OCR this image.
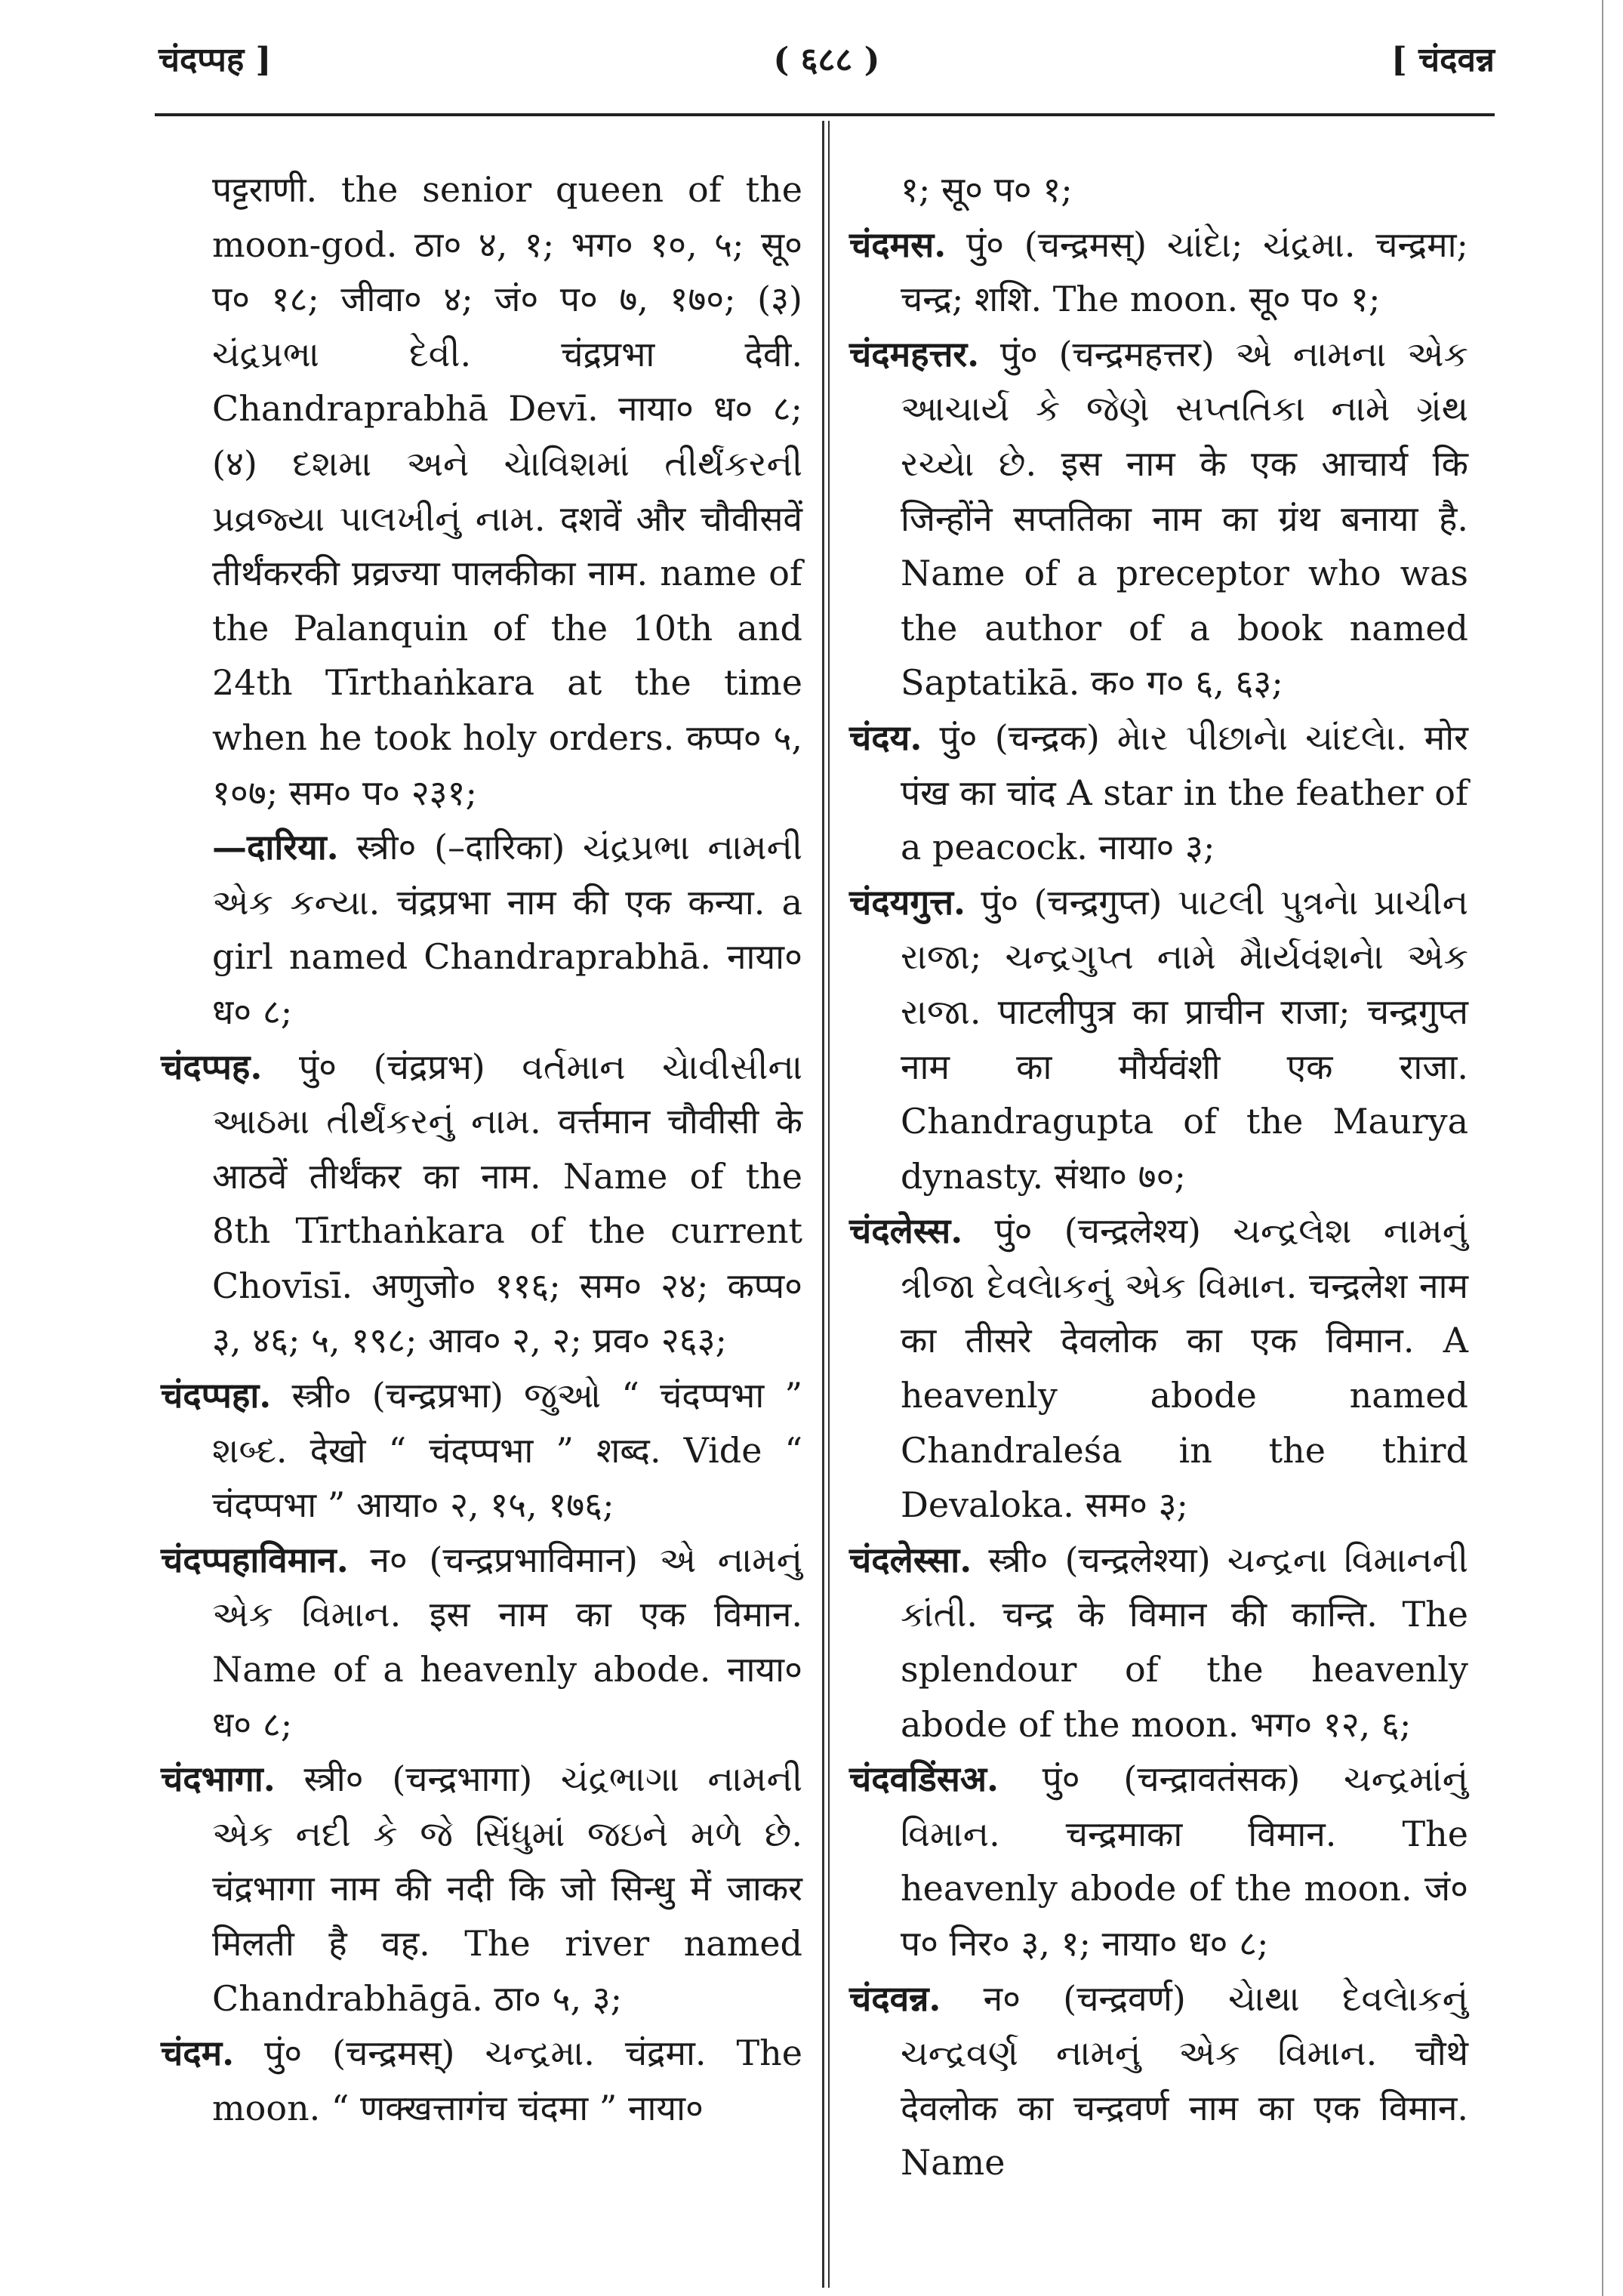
चंदप्पह ]	( ६८८ )	[ चंदवन्न

पट्टराणी. the senior queen of the moon-god. ठा० ४, १; भग० १०, ५; सू० प० १८; जीवा० ४; जं० प० ७, १७०; (३) ચંદ્રપ્રભા દેવી. चंद्रप्रभा देवी. Chandraprabhā Devī. नाया० ध० ८; (४) દશમા અને ચેાવિશમાં તીર્થંકરની પ્રવ્રજ્યા પાલખીનું નામ. दशवें और चौवीसवें तीर्थंकरकी प्रव्रज्या पालकीका नाम. name of the Palanquin of the 10th and 24th Tīrthaṅkara at the time when he took holy orders. कप्प० ५, १०७; सम० प० २३१;

—दारिया. स्त्री० (–दारिका) ચંદ્રપ્રભા નામની એક કન્યા. चंद्रप्रभा नाम की एक कन्या. a girl named Chandraprabhā. नाया० ध० ८;

चंदप्पह. पुं० (चंद्रप्रभ) વર્તમાન ચેાવીસીના આઠમા તીર્થંકરનું નામ. वर्त्तमान चौवीसी के आठवें तीर्थंकर का नाम. Name of the 8th Tīrthaṅkara of the current Chovīsī. अणुजो० ११६; सम० २४; कप्प० ३, ४६; ५, १९८; आव० २, २; प्रव० २६३;

चंदप्पहा. स्त्री० (चन्द्रप्रभा) જુઓ “ चंदप्पभा ” શબ્દ. देखो “ चंदप्पभा ” शब्द. Vide “ चंदप्पभा ” आया० २, १५, १७६;

चंदप्पहाविमान. न० (चन्द्रप्रभाविमान) એ નામનું એક વિમાન. इस नाम का एक विमान. Name of a heavenly abode. नाया० ध० ८;

चंदभागा. स्त्री० (चन्द्रभागा) ચંદ્રભાગા નામની એક નદી કે જે સિંધુમાં જઇને મળે છે. चंद्रभागा नाम की नदी कि जो सिन्धु में जाकर मिलती है वह. The river named Chandrabhāgā. ठा० ५, ३;

चंदम. पुं० (चन्द्रमस्) ચન્દ્રમા. चंद्रमा. The moon. “ णक्खत्तागंच चंदमा ” नाया०

१; सू० प० १;

चंदमस. पुं० (चन्द्रमस्) ચાંદેા; ચંદ્રમા. चन्द्रमा; चन्द्र; शशि. The moon. सू० प० १;

चंदमहत्तर. पुं० (चन्द्रमहत्तर) એ નામના એક આચાર્ય કે જેણે સપ્તતિકા નામે ગ્રંથ રચ્યેા છે. इस नाम के एक आचार्य कि जिन्होंने सप्ततिका नाम का ग्रंथ बनाया है. Name of a preceptor who was the author of a book named Saptatikā. क० ग० ६, ६३;

चंदय. पुं० (चन्द्रक) મેાર પીછાનેા ચાંદલેા. मोर पंख का चांद A star in the feather of a peacock. नाया० ३;

चंदयगुत्त. पुं० (चन्द्रगुप्त) પાટલી પુત્રનેા પ્રાચીન રાજા; ચન્દ્રગુપ્ત નામે મૈાર્યવંશનેા એક રાજા. पाटलीपुत्र का प्राचीन राजा; चन्द्रगुप्त नाम का मौर्यवंशी एक राजा. Chandragupta of the Maurya dynasty. संथा० ७०;

चंदलेस्स. पुं० (चन्द्रलेश्य) ચન્દ્રલેશ નામનું ત્રીજા દેવલેાકનું એક વિમાન. चन्द्रलेश नाम का तीसरे देवलोक का एक विमान. A heavenly abode named Chandraleśa in the third Devaloka. सम० ३;

चंदलेस्सा. स्त्री० (चन्द्रलेश्या) ચન્દ્રના વિમાનની કાંતી. चन्द्र के विमान की कान्ति. The splendour of the heavenly abode of the moon. भग० १२, ६;

चंदवडिंसअ. पुं० (चन्द्रावतंसक) ચન્દ્રમાંનું વિમાન. चन्द्रमाका विमान. The heavenly abode of the moon. जं० प० निर० ३, १; नाया० ध० ८;

चंदवन्न. न० (चन्द्रवर्ण) ચેાથા દેવલેાકનું ચન્દ્રવર્ણ નામનું એક વિમાન. चौथे देवलोक का चन्द्रवर्ण नाम का एक विमान. Name
